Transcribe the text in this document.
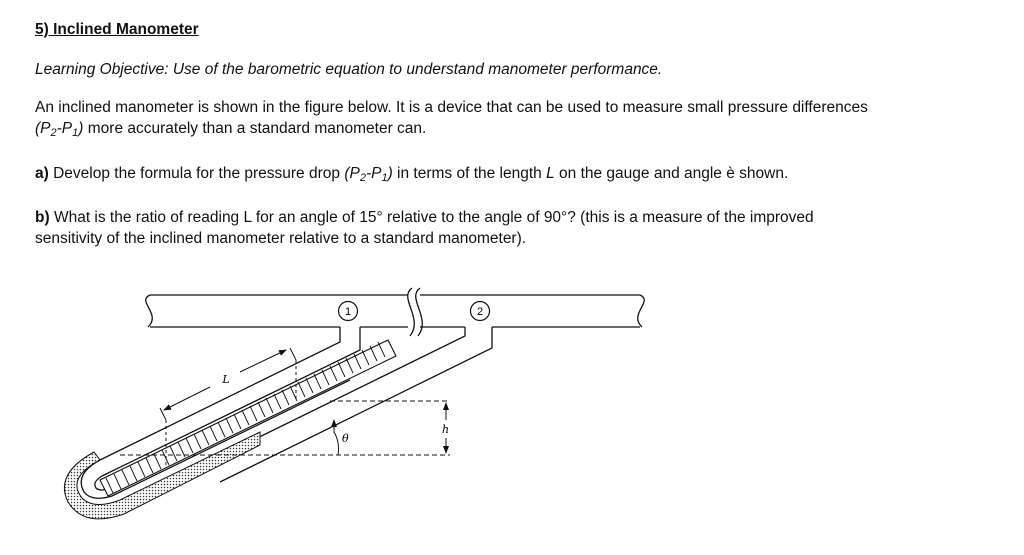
5) Inclined Manometer
Learning Objective: Use of the barometric equation to understand manometer performance.
An inclined manometer is shown in the figure below. It is a device that can be used to measure small pressure differences
$(P_2-P_1)$ more accurately than a standard manometer can.
a) Develop the formula for the pressure drop $(P_2-P_1)$ in terms of the length L on the gauge and angle è shown.
b) What is the ratio of reading L for an angle of 15° relative to the angle of 90°? (this is a measure of the improved
sensitivity of the inclined manometer relative to a standard manometer).
1	2
L
h
θ
